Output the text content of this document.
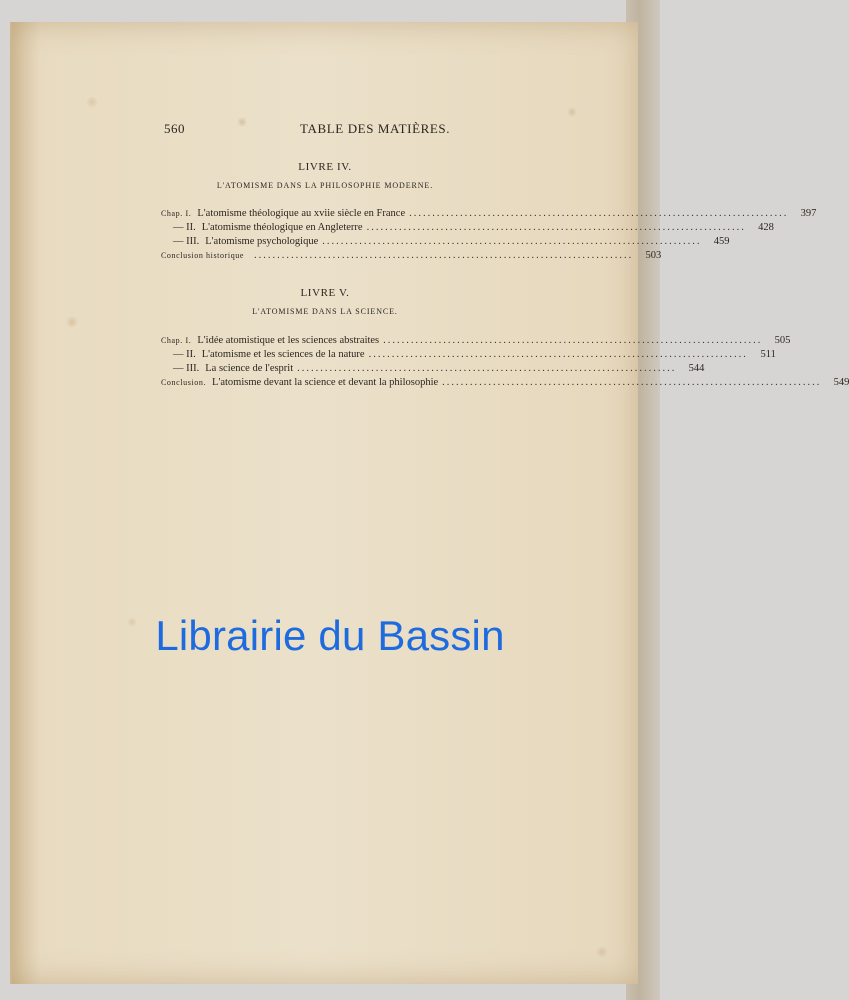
560	TABLE DES MATIÈRES.
LIVRE IV.
L'ATOMISME DANS LA PHILOSOPHIE MODERNE.
Chap. I. L'atomisme théologique au xviie siècle en France ..................................................................................	397
— II. L'atomisme théologique en Angleterre ..................................................................................	428
— III. L'atomisme psychologique ..................................................................................	459
Conclusion historique ..................................................................................	503
LIVRE V.
L'ATOMISME DANS LA SCIENCE.
Chap. I. L'idée atomistique et les sciences abstraites ..................................................................................	505
— II. L'atomisme et les sciences de la nature ..................................................................................	511
— III. La science de l'esprit ..................................................................................	544
Conclusion. L'atomisme devant la science et devant la philosophie ..................................................................................	549
Librairie du Bassin
